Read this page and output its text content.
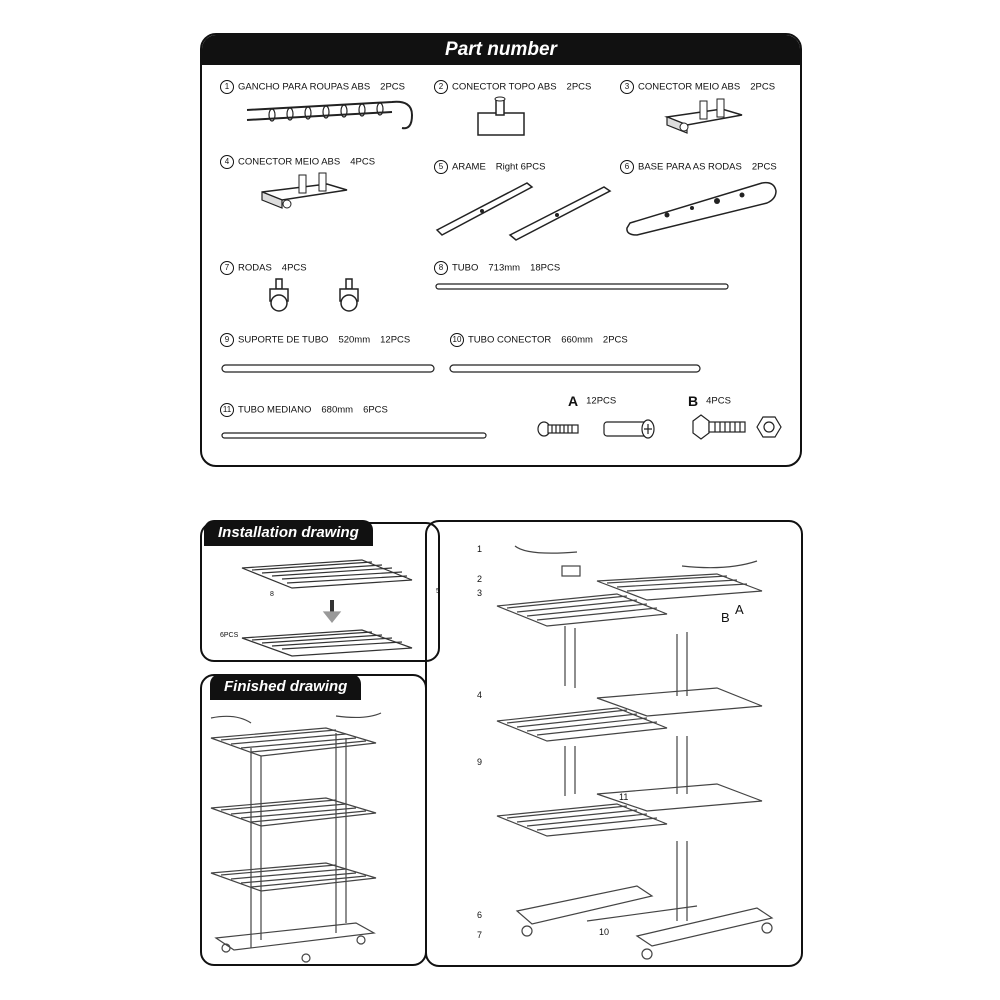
Part number
1 GANCHO PARA ROUPAS ABS 2PCS	2 CONECTOR TOPO ABS 2PCS	3 CONECTOR MEIO ABS 2PCS
4 CONECTOR MEIO ABS 4PCS	5 ARAME Right 6PCS	6 BASE PARA AS RODAS 2PCS
7 RODAS 4PCS	8 TUBO 713mm 18PCS
9 SUPORTE DE TUBO 520mm 12PCS	10 TUBO CONECTOR 660mm 2PCS
11 TUBO MEDIANO 680mm 6PCS
A 12PCS	B 4PCS
8	5
6PCS
Installation drawing
Finished drawing
1
2
3
4
9
11
6
7	10
A
B
